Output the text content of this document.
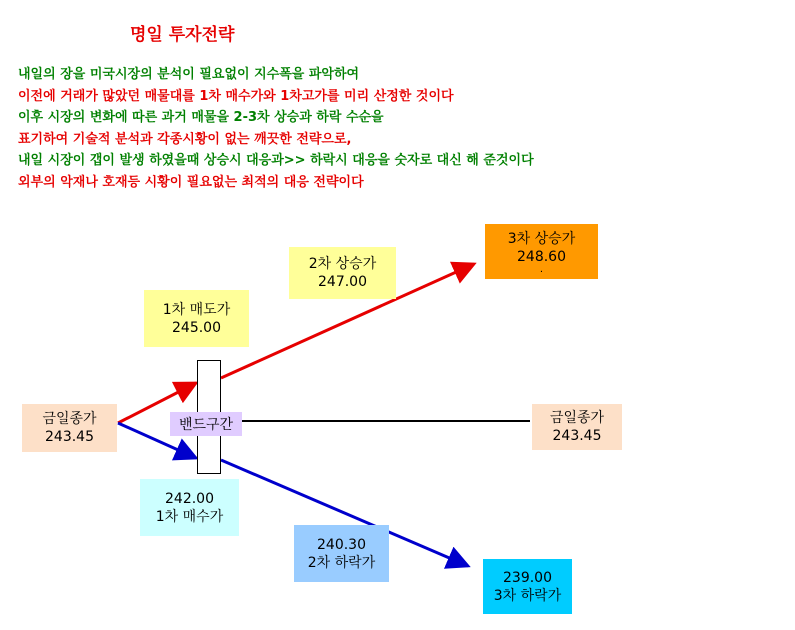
명일 투자전략
내일의 장을 미국시장의 분석이 필요없이 지수폭을 파악하여
이전에 거래가 많았던 매물대를 1차 매수가와 1차고가를 미리 산정한 것이다
이후 시장의 변화에 따른 과거 매물을 2-3차 상승과 하락 수순을
표기하여 기술적 분석과 각종시황이 없는 깨끗한 전략으로,
내일 시장이 갭이 발생 하였을때 상승시 대응과>> 하락시 대응을 숫자로 대신 해 준것이다
외부의 악재나 호재등 시황이 필요없는 최적의 대응 전략이다
밴드구간
금일종가
243.45
금일종가
243.45
1차 매도가
245.00
2차 상승가
247.00
3차 상승가
248.60
.
242.00
1차 매수가
240.30
2차 하락가
239.00
3차 하락가
